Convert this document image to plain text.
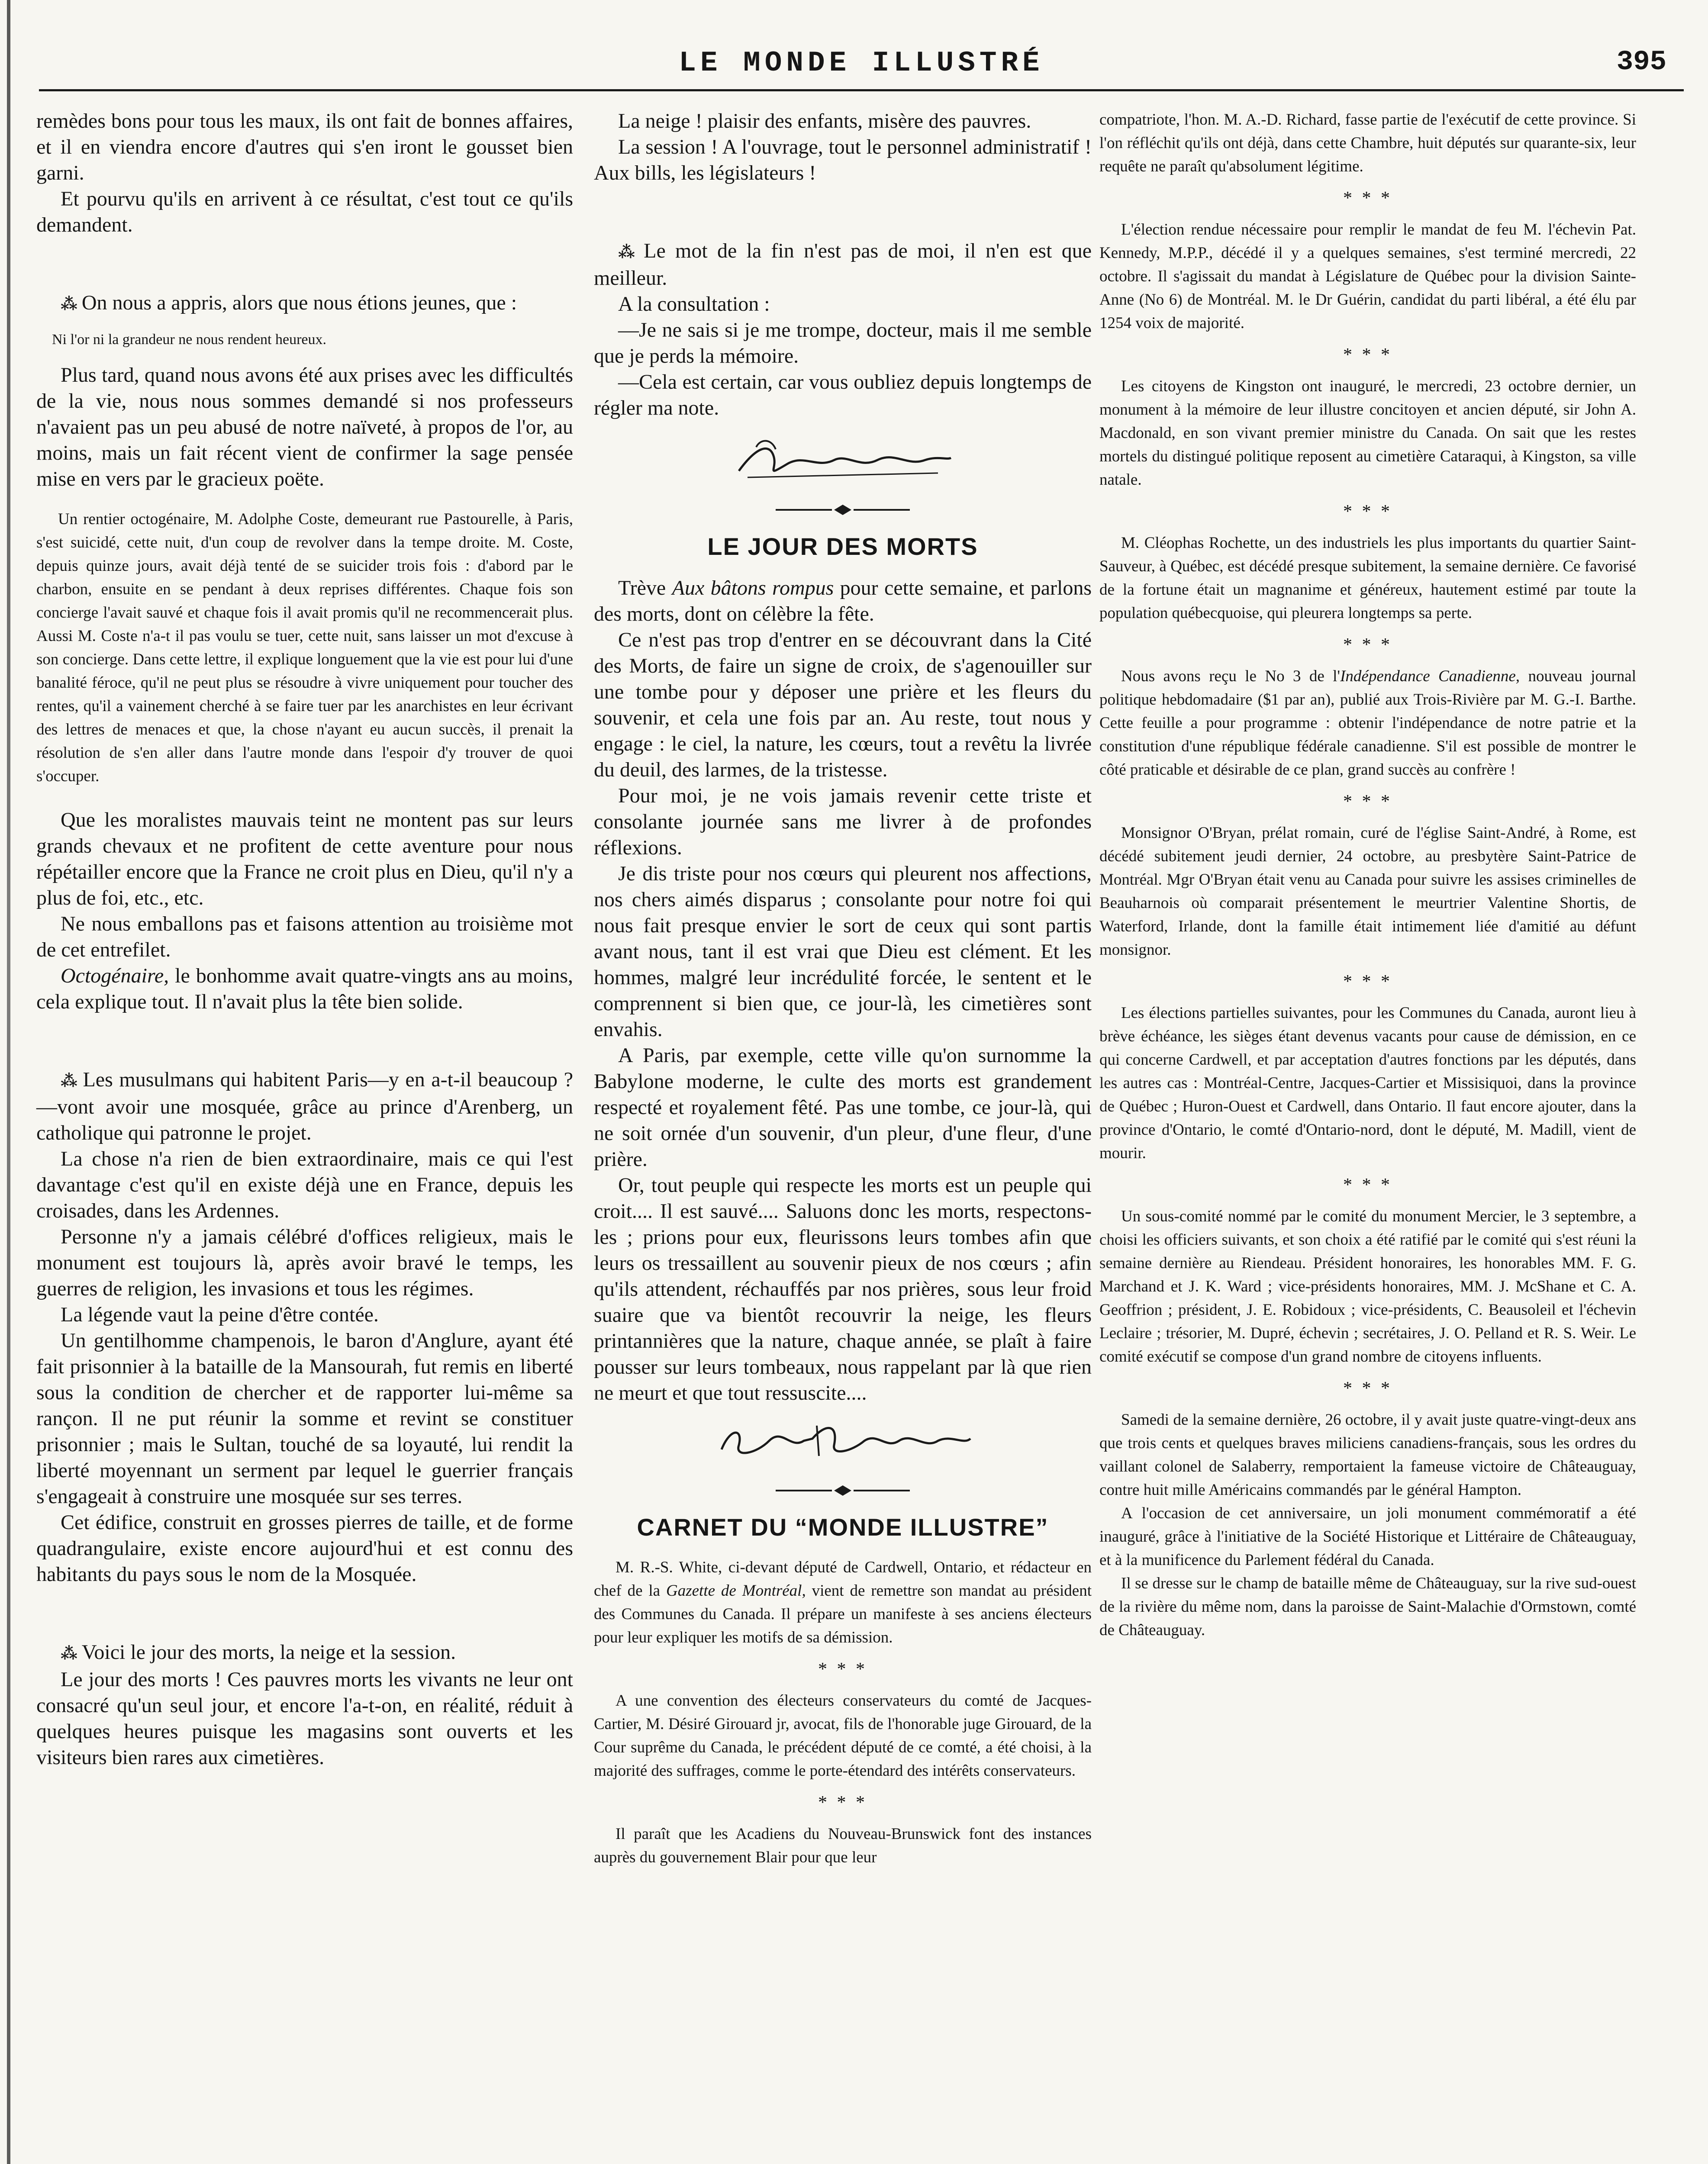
LE MONDE ILLUSTRÉ	395

remèdes bons pour tous les maux, ils ont fait de bonnes affaires, et il en viendra encore d'autres qui s'en iront le gousset bien garni.

Et pourvu qu'ils en arrivent à ce résultat, c'est tout ce qu'ils demandent.

⁂ On nous a appris, alors que nous étions jeunes, que :

Ni l'or ni la grandeur ne nous rendent heureux.

Plus tard, quand nous avons été aux prises avec les difficultés de la vie, nous nous sommes demandé si nos professeurs n'avaient pas un peu abusé de notre naïveté, à propos de l'or, au moins, mais un fait récent vient de confirmer la sage pensée mise en vers par le gracieux poëte.

Un rentier octogénaire, M. Adolphe Coste, demeurant rue Pastourelle, à Paris, s'est suicidé, cette nuit, d'un coup de revolver dans la tempe droite. M. Coste, depuis quinze jours, avait déjà tenté de se suicider trois fois : d'abord par le charbon, ensuite en se pendant à deux reprises différentes. Chaque fois son concierge l'avait sauvé et chaque fois il avait promis qu'il ne recommencerait plus. Aussi M. Coste n'a-t il pas voulu se tuer, cette nuit, sans laisser un mot d'excuse à son concierge. Dans cette lettre, il explique longuement que la vie est pour lui d'une banalité féroce, qu'il ne peut plus se résoudre à vivre uniquement pour toucher des rentes, qu'il a vainement cherché à se faire tuer par les anarchistes en leur écrivant des lettres de menaces et que, la chose n'ayant eu aucun succès, il prenait la résolution de s'en aller dans l'autre monde dans l'espoir d'y trouver de quoi s'occuper.

Que les moralistes mauvais teint ne montent pas sur leurs grands chevaux et ne profitent de cette aventure pour nous répétailler encore que la France ne croit plus en Dieu, qu'il n'y a plus de foi, etc., etc.

Ne nous emballons pas et faisons attention au troisième mot de cet entrefilet.

Octogénaire, le bonhomme avait quatre-vingts ans au moins, cela explique tout. Il n'avait plus la tête bien solide.

⁂ Les musulmans qui habitent Paris—y en a-t-il beaucoup ?—vont avoir une mosquée, grâce au prince d'Arenberg, un catholique qui patronne le projet.

La chose n'a rien de bien extraordinaire, mais ce qui l'est davantage c'est qu'il en existe déjà une en France, depuis les croisades, dans les Ardennes.

Personne n'y a jamais célébré d'offices religieux, mais le monument est toujours là, après avoir bravé le temps, les guerres de religion, les invasions et tous les régimes.

La légende vaut la peine d'être contée.

Un gentilhomme champenois, le baron d'Anglure, ayant été fait prisonnier à la bataille de la Mansourah, fut remis en liberté sous la condition de chercher et de rapporter lui-même sa rançon. Il ne put réunir la somme et revint se constituer prisonnier ; mais le Sultan, touché de sa loyauté, lui rendit la liberté moyennant un serment par lequel le guerrier français s'engageait à construire une mosquée sur ses terres.

Cet édifice, construit en grosses pierres de taille, et de forme quadrangulaire, existe encore aujourd'hui et est connu des habitants du pays sous le nom de la Mosquée.

⁂ Voici le jour des morts, la neige et la session.

Le jour des morts ! Ces pauvres morts les vivants ne leur ont consacré qu'un seul jour, et encore l'a-t-on, en réalité, réduit à quelques heures puisque les magasins sont ouverts et les visiteurs bien rares aux cimetières.

La neige ! plaisir des enfants, misère des pauvres.

La session ! A l'ouvrage, tout le personnel administratif ! Aux bills, les législateurs !

⁂ Le mot de la fin n'est pas de moi, il n'en est que meilleur.

A la consultation :

—Je ne sais si je me trompe, docteur, mais il me semble que je perds la mémoire.

—Cela est certain, car vous oubliez depuis longtemps de régler ma note.

LE JOUR DES MORTS

Trève Aux bâtons rompus pour cette semaine, et parlons des morts, dont on célèbre la fête.

Ce n'est pas trop d'entrer en se découvrant dans la Cité des Morts, de faire un signe de croix, de s'agenouiller sur une tombe pour y déposer une prière et les fleurs du souvenir, et cela une fois par an. Au reste, tout nous y engage : le ciel, la nature, les cœurs, tout a revêtu la livrée du deuil, des larmes, de la tristesse.

Pour moi, je ne vois jamais revenir cette triste et consolante journée sans me livrer à de profondes réflexions.

Je dis triste pour nos cœurs qui pleurent nos affections, nos chers aimés disparus ; consolante pour notre foi qui nous fait presque envier le sort de ceux qui sont partis avant nous, tant il est vrai que Dieu est clément. Et les hommes, malgré leur incrédulité forcée, le sentent et le comprennent si bien que, ce jour-là, les cimetières sont envahis.

A Paris, par exemple, cette ville qu'on surnomme la Babylone moderne, le culte des morts est grandement respecté et royalement fêté. Pas une tombe, ce jour-là, qui ne soit ornée d'un souvenir, d'un pleur, d'une fleur, d'une prière.

Or, tout peuple qui respecte les morts est un peuple qui croit.... Il est sauvé.... Saluons donc les morts, respectons-les ; prions pour eux, fleurissons leurs tombes afin que leurs os tressaillent au souvenir pieux de nos cœurs ; afin qu'ils attendent, réchauffés par nos prières, sous leur froid suaire que va bientôt recouvrir la neige, les fleurs printannières que la nature, chaque année, se plaît à faire pousser sur leurs tombeaux, nous rappelant par là que rien ne meurt et que tout ressuscite....

CARNET DU “MONDE ILLUSTRE”

M. R.-S. White, ci-devant député de Cardwell, Ontario, et rédacteur en chef de la Gazette de Montréal, vient de remettre son mandat au président des Communes du Canada. Il prépare un manifeste à ses anciens électeurs pour leur expliquer les motifs de sa démission.

* * *

A une convention des électeurs conservateurs du comté de Jacques-Cartier, M. Désiré Girouard jr, avocat, fils de l'honorable juge Girouard, de la Cour suprême du Canada, le précédent député de ce comté, a été choisi, à la majorité des suffrages, comme le porte-étendard des intérêts conservateurs.

* * *

Il paraît que les Acadiens du Nouveau-Brunswick font des instances auprès du gouvernement Blair pour que leur

compatriote, l'hon. M. A.-D. Richard, fasse partie de l'exécutif de cette province. Si l'on réfléchit qu'ils ont déjà, dans cette Chambre, huit députés sur quarante-six, leur requête ne paraît qu'absolument légitime.

* * *

L'élection rendue nécessaire pour remplir le mandat de feu M. l'échevin Pat. Kennedy, M.P.P., décédé il y a quelques semaines, s'est terminé mercredi, 22 octobre. Il s'agissait du mandat à Législature de Québec pour la division Sainte-Anne (No 6) de Montréal. M. le Dr Guérin, candidat du parti libéral, a été élu par 1254 voix de majorité.

* * *

Les citoyens de Kingston ont inauguré, le mercredi, 23 octobre dernier, un monument à la mémoire de leur illustre concitoyen et ancien député, sir John A. Macdonald, en son vivant premier ministre du Canada. On sait que les restes mortels du distingué politique reposent au cimetière Cataraqui, à Kingston, sa ville natale.

* * *

M. Cléophas Rochette, un des industriels les plus importants du quartier Saint-Sauveur, à Québec, est décédé presque subitement, la semaine dernière. Ce favorisé de la fortune était un magnanime et généreux, hautement estimé par toute la population québecquoise, qui pleurera longtemps sa perte.

* * *

Nous avons reçu le No 3 de l'Indépendance Canadienne, nouveau journal politique hebdomadaire ($1 par an), publié aux Trois-Rivière par M. G.-I. Barthe. Cette feuille a pour programme : obtenir l'indépendance de notre patrie et la constitution d'une république fédérale canadienne. S'il est possible de montrer le côté praticable et désirable de ce plan, grand succès au confrère !

* * *

Monsignor O'Bryan, prélat romain, curé de l'église Saint-André, à Rome, est décédé subitement jeudi dernier, 24 octobre, au presbytère Saint-Patrice de Montréal. Mgr O'Bryan était venu au Canada pour suivre les assises criminelles de Beauharnois où comparait présentement le meurtrier Valentine Shortis, de Waterford, Irlande, dont la famille était intimement liée d'amitié au défunt monsignor.

* * *

Les élections partielles suivantes, pour les Communes du Canada, auront lieu à brève échéance, les sièges étant devenus vacants pour cause de démission, en ce qui concerne Cardwell, et par acceptation d'autres fonctions par les députés, dans les autres cas : Montréal-Centre, Jacques-Cartier et Missisiquoi, dans la province de Québec ; Huron-Ouest et Cardwell, dans Ontario. Il faut encore ajouter, dans la province d'Ontario, le comté d'Ontario-nord, dont le député, M. Madill, vient de mourir.

* * *

Un sous-comité nommé par le comité du monument Mercier, le 3 septembre, a choisi les officiers suivants, et son choix a été ratifié par le comité qui s'est réuni la semaine dernière au Riendeau. Président honoraires, les honorables MM. F. G. Marchand et J. K. Ward ; vice-présidents honoraires, MM. J. McShane et C. A. Geoffrion ; président, J. E. Robidoux ; vice-présidents, C. Beausoleil et l'échevin Leclaire ; trésorier, M. Dupré, échevin ; secrétaires, J. O. Pelland et R. S. Weir. Le comité exécutif se compose d'un grand nombre de citoyens influents.

* * *

Samedi de la semaine dernière, 26 octobre, il y avait juste quatre-vingt-deux ans que trois cents et quelques braves miliciens canadiens-français, sous les ordres du vaillant colonel de Salaberry, remportaient la fameuse victoire de Châteauguay, contre huit mille Américains commandés par le général Hampton.

A l'occasion de cet anniversaire, un joli monument commémoratif a été inauguré, grâce à l'initiative de la Société Historique et Littéraire de Châteauguay, et à la munificence du Parlement fédéral du Canada.

Il se dresse sur le champ de bataille même de Châteauguay, sur la rive sud-ouest de la rivière du même nom, dans la paroisse de Saint-Malachie d'Ormstown, comté de Châteauguay.
